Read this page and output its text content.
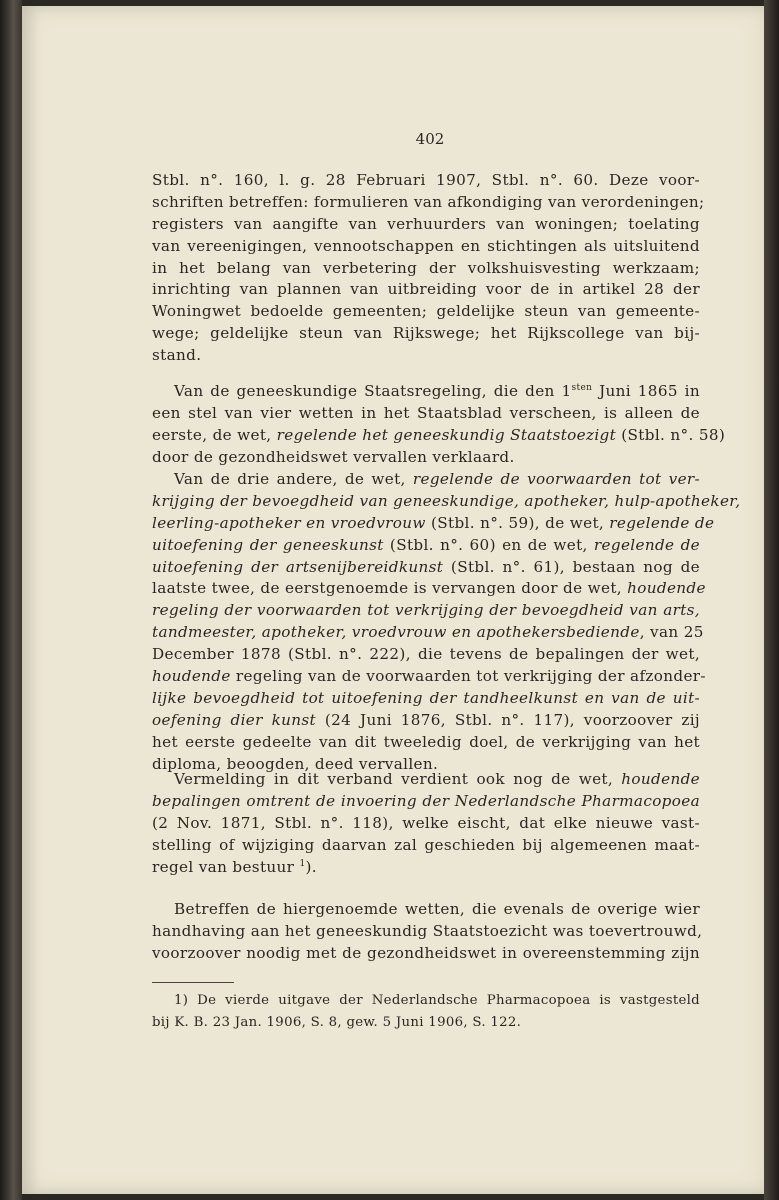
402
Stbl. n°. 160, l. g. 28 Februari 1907, Stbl. n°. 60. Deze voor-
schriften betreffen: formulieren van afkondiging van verordeningen;
registers van aangifte van verhuurders van woningen; toelating
van vereenigingen, vennootschappen en stichtingen als uitsluitend
in het belang van verbetering der volkshuisvesting werkzaam;
inrichting van plannen van uitbreiding voor de in artikel 28 der
Woningwet bedoelde gemeenten; geldelijke steun van gemeente-
wege; geldelijke steun van Rijkswege; het Rijkscollege van bij-
stand.
Van de geneeskundige Staatsregeling, die den $1^{sten}$ Juni 1865 in
een stel van vier wetten in het Staatsblad verscheen, is alleen de
eerste, de wet, regelende het geneeskundig Staatstoezigt (Stbl. n°. 58)
door de gezondheidswet vervallen verklaard.
Van de drie andere, de wet, regelende de voorwaarden tot ver-
krijging der bevoegdheid van geneeskundige, apotheker, hulp-apotheker,
leerling-apotheker en vroedvrouw (Stbl. n°. 59), de wet, regelende de
uitoefening der geneeskunst (Stbl. n°. 60) en de wet, regelende de
uitoefening der artsenijbereidkunst (Stbl. n°. 61), bestaan nog de
laatste twee, de eerstgenoemde is vervangen door de wet, houdende
regeling der voorwaarden tot verkrijging der bevoegdheid van arts,
tandmeester, apotheker, vroedvrouw en apothekersbediende, van 25
December 1878 (Stbl. n°. 222), die tevens de bepalingen der wet,
houdende regeling van de voorwaarden tot verkrijging der afzonder-
lijke bevoegdheid tot uitoefening der tandheelkunst en van de uit-
oefening dier kunst (24 Juni 1876, Stbl. n°. 117), voorzoover zij
het eerste gedeelte van dit tweeledig doel, de verkrijging van het
diploma, beoogden, deed vervallen.
Vermelding in dit verband verdient ook nog de wet, houdende
bepalingen omtrent de invoering der Nederlandsche Pharmacopoea
(2 Nov. 1871, Stbl. n°. 118), welke eischt, dat elke nieuwe vast-
stelling of wijziging daarvan zal geschieden bij algemeenen maat-
regel van bestuur $^1$).
Betreffen de hiergenoemde wetten, die evenals de overige wier
handhaving aan het geneeskundig Staatstoezicht was toevertrouwd,
voorzoover noodig met de gezondheidswet in overeenstemming zijn
1) De vierde uitgave der Nederlandsche Pharmacopoea is vastgesteld
bij K. B. 23 Jan. 1906, S. 8, gew. 5 Juni 1906, S. 122.
